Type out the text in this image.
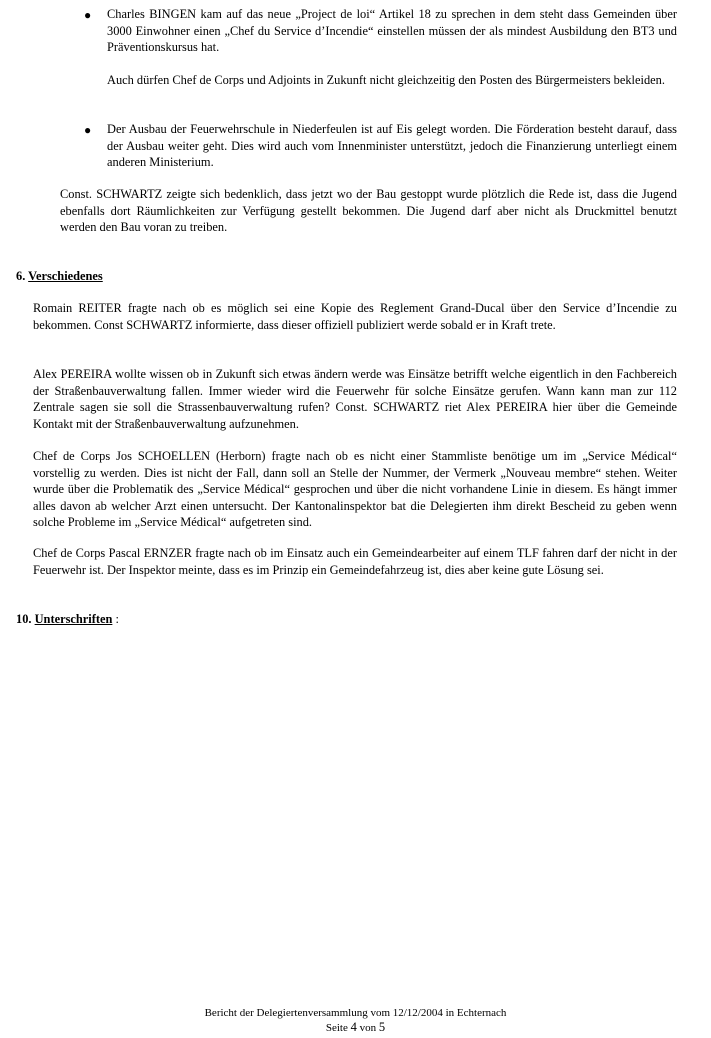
● Charles BINGEN kam auf das neue „Project de loi“ Artikel 18 zu sprechen in dem steht dass Gemeinden über 3000 Einwohner einen „Chef du Service d’Incendie“ einstellen müssen der als mindest Ausbildung den BT3 und Präventionskursus hat.

Auch dürfen Chef de Corps und Adjoints in Zukunft nicht gleichzeitig den Posten des Bürgermeisters bekleiden.

● Der Ausbau der Feuerwehrschule in Niederfeulen ist auf Eis gelegt worden. Die Förderation besteht darauf, dass der Ausbau weiter geht. Dies wird auch vom Innenminister unterstützt, jedoch die Finanzierung unterliegt einem anderen Ministerium.

Const. SCHWARTZ zeigte sich bedenklich, dass jetzt wo der Bau gestoppt wurde plötzlich die Rede ist, dass die Jugend ebenfalls dort Räumlichkeiten zur Verfügung gestellt bekommen. Die Jugend darf aber nicht als Druckmittel benutzt werden den Bau voran zu treiben.

6. Verschiedenes

Romain REITER fragte nach ob es möglich sei eine Kopie des Reglement Grand-Ducal über den Service d’Incendie zu bekommen. Const SCHWARTZ informierte, dass dieser offiziell publiziert werde sobald er in Kraft trete.

Alex PEREIRA wollte wissen ob in Zukunft sich etwas ändern werde was Einsätze betrifft welche eigentlich in den Fachbereich der Straßenbauverwaltung fallen. Immer wieder wird die Feuerwehr für solche Einsätze gerufen. Wann kann man zur 112 Zentrale sagen sie soll die Strassenbauverwaltung rufen? Const. SCHWARTZ riet Alex PEREIRA hier über die Gemeinde Kontakt mit der Straßenbauverwaltung aufzunehmen.

Chef de Corps Jos SCHOELLEN (Herborn) fragte nach ob es nicht einer Stammliste benötige um im „Service Médical“ vorstellig zu werden. Dies ist nicht der Fall, dann soll an Stelle der Nummer, der Vermerk „Nouveau membre“ stehen. Weiter wurde über die Problematik des „Service Médical“ gesprochen und über die nicht vorhandene Linie in diesem. Es hängt immer alles davon ab welcher Arzt einen untersucht. Der Kantonalinspektor bat die Delegierten ihm direkt Bescheid zu geben wenn solche Probleme im „Service Médical“ aufgetreten sind.

Chef de Corps Pascal ERNZER fragte nach ob im Einsatz auch ein Gemeindearbeiter auf einem TLF fahren darf der nicht in der Feuerwehr ist. Der Inspektor meinte, dass es im Prinzip ein Gemeindefahrzeug ist, dies aber keine gute Lösung sei.

10. Unterschriften :

Bericht der Delegiertenversammlung vom 12/12/2004 in Echternach
Seite 4 von 5
